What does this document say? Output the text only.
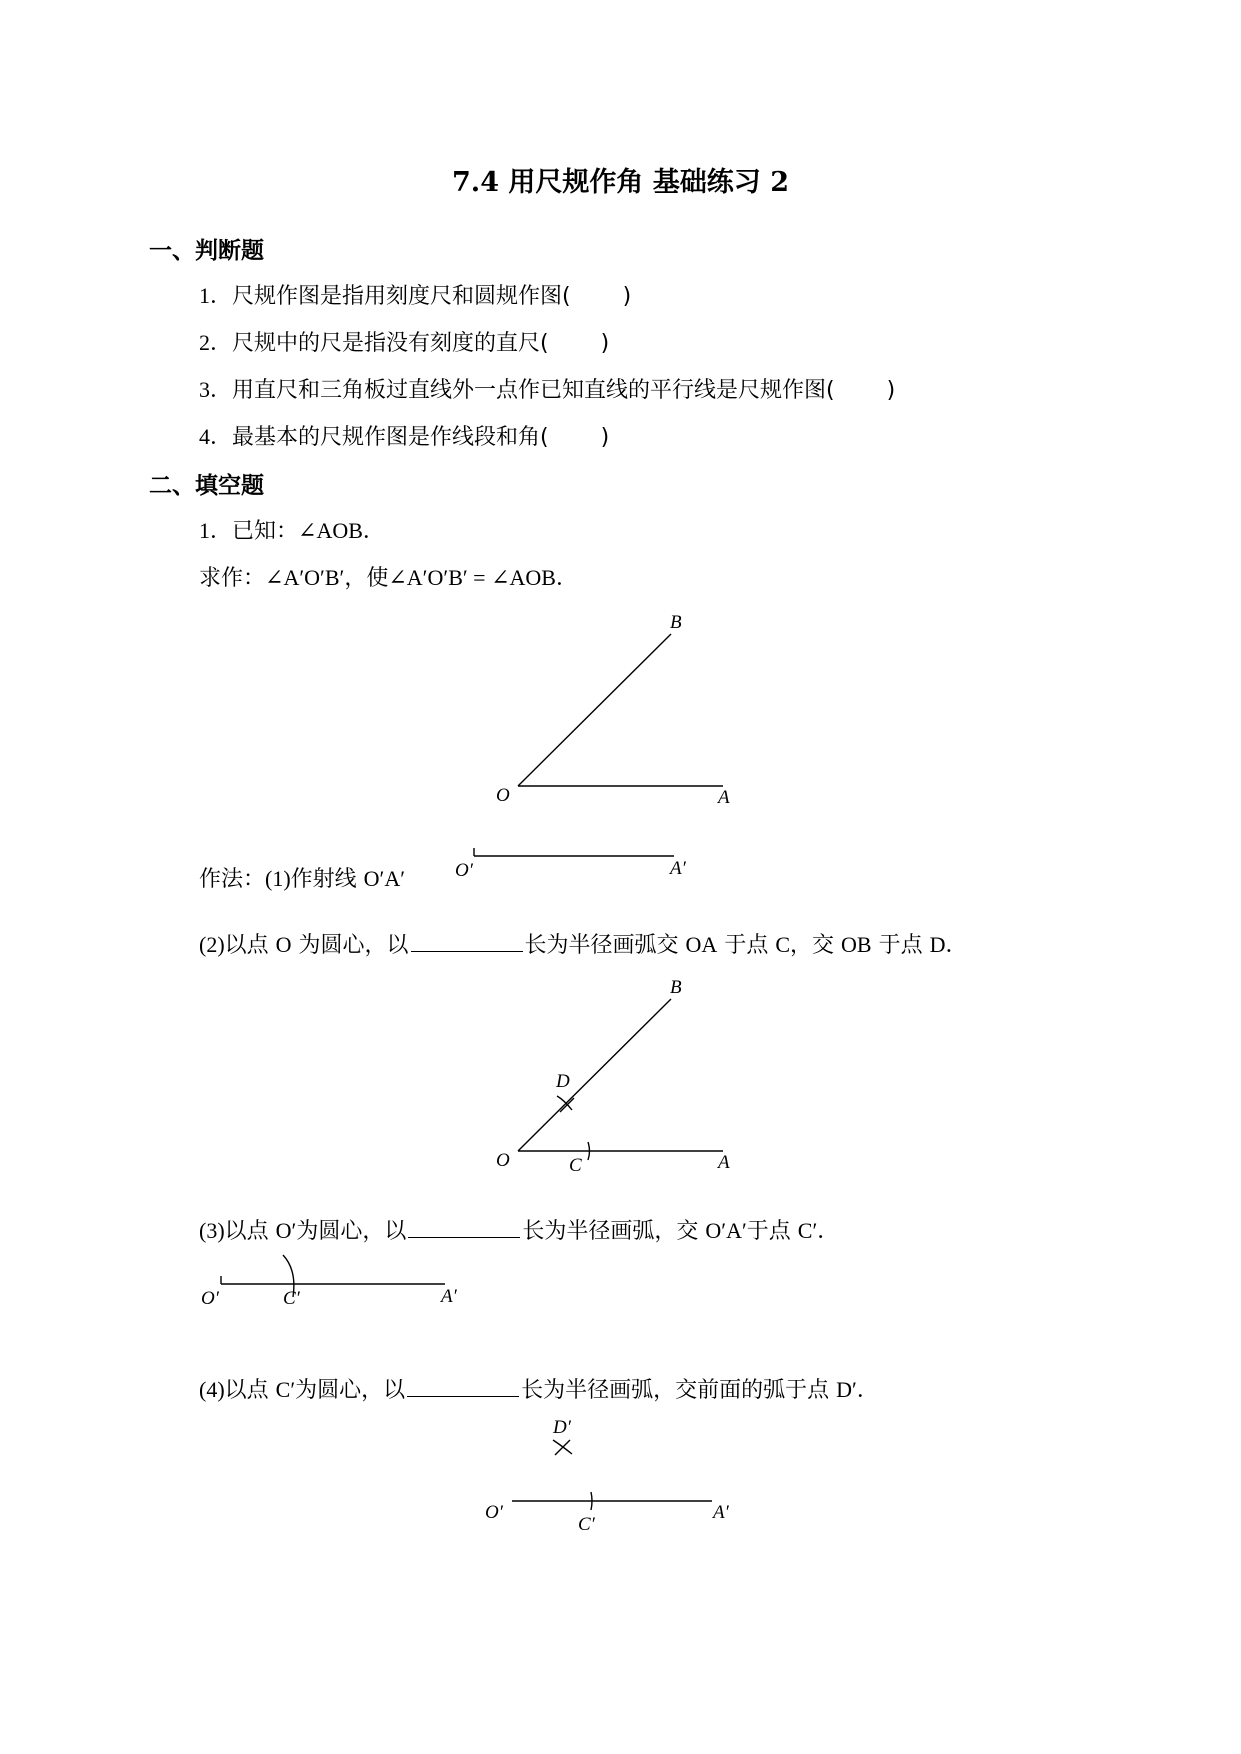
7.4 用尺规作角 基础练习 2
一、判断题
1．尺规作图是指用刻度尺和圆规作图( )
2．尺规中的尺是指没有刻度的直尺( )
3．用直尺和三角板过直线外一点作已知直线的平行线是尺规作图( )
4．最基本的尺规作图是作线段和角( )
二、填空题
1．已知：∠AOB．
求作：∠A′O′B′，使∠A′O′B′ = ∠AOB．
作法：(1)作射线 O′A′
(2)以点 O 为圆心，以	长为半径画弧交 OA 于点 C，交 OB 于点 D．
(3)以点 O′为圆心，以	长为半径画弧，交 O′A′于点 C′．
(4)以点 C′为圆心，以	长为半径画弧，交前面的弧于点 D′．
O	A
B
O′	A′
O	C
D
A
B
O′	C′	A′
O′
C′
D′
A′
